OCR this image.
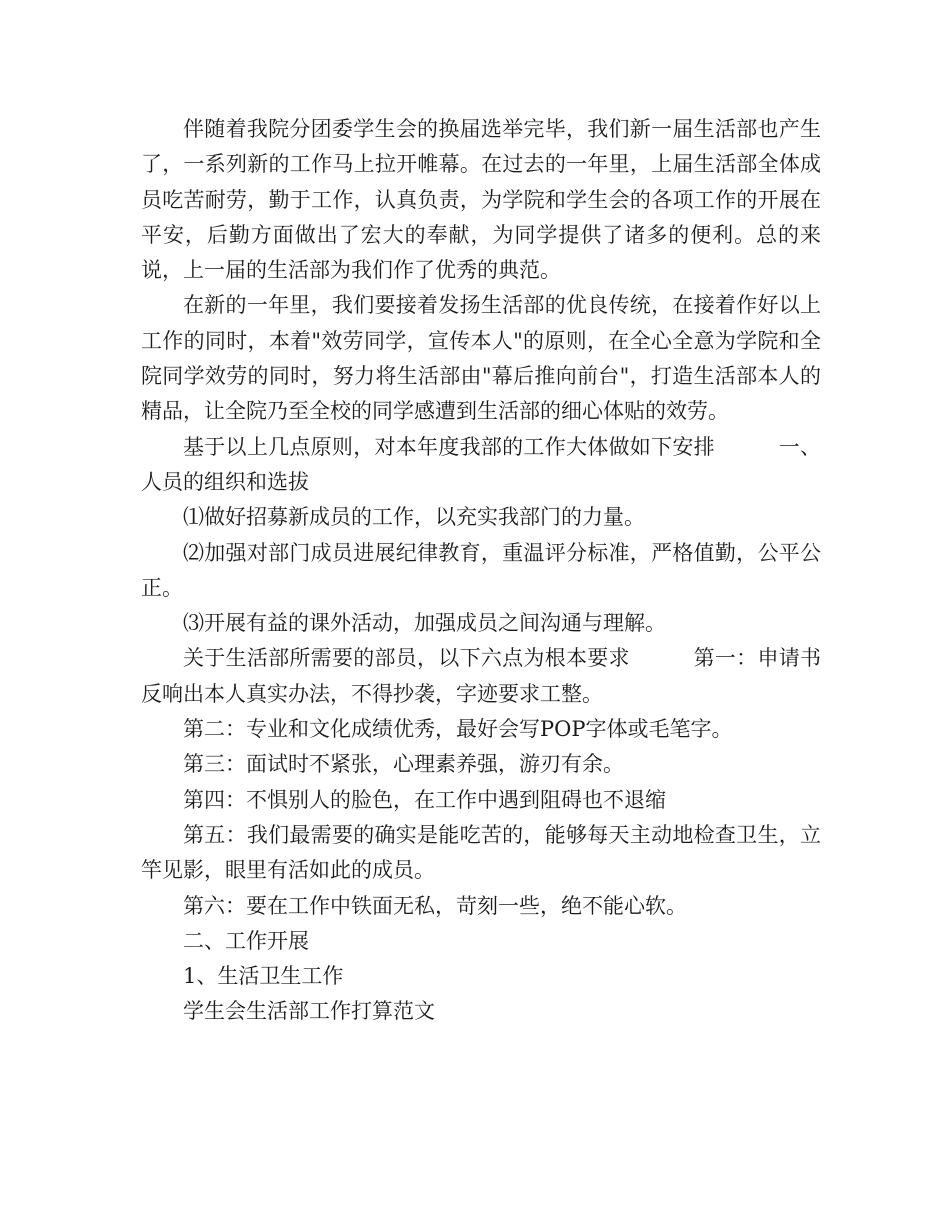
伴随着我院分团委学生会的换届选举完毕，我们新一届生活部也产生了，一系列新的工作马上拉开帷幕。在过去的一年里，上届生活部全体成员吃苦耐劳，勤于工作，认真负责，为学院和学生会的各项工作的开展在平安，后勤方面做出了宏大的奉献，为同学提供了诸多的便利。总的来说，上一届的生活部为我们作了优秀的典范。

在新的一年里，我们要接着发扬生活部的优良传统，在接着作好以上工作的同时，本着"效劳同学，宣传本人"的原则，在全心全意为学院和全院同学效劳的同时，努力将生活部由"幕后推向前台"，打造生活部本人的精品，让全院乃至全校的同学感遭到生活部的细心体贴的效劳。

基于以上几点原则，对本年度我部的工作大体做如下安排　　　一、人员的组织和选拔

⑴做好招募新成员的工作，以充实我部门的力量。

⑵加强对部门成员进展纪律教育，重温评分标准，严格值勤，公平公正。

⑶开展有益的课外活动，加强成员之间沟通与理解。

关于生活部所需要的部员，以下六点为根本要求　　　第一：申请书反响出本人真实办法，不得抄袭，字迹要求工整。

第二：专业和文化成绩优秀，最好会写POP字体或毛笔字。

第三：面试时不紧张，心理素养强，游刃有余。

第四：不惧别人的脸色，在工作中遇到阻碍也不退缩

第五：我们最需要的确实是能吃苦的，能够每天主动地检查卫生，立竿见影，眼里有活如此的成员。

第六：要在工作中铁面无私，苛刻一些，绝不能心软。

二、工作开展

1、生活卫生工作

学生会生活部工作打算范文
